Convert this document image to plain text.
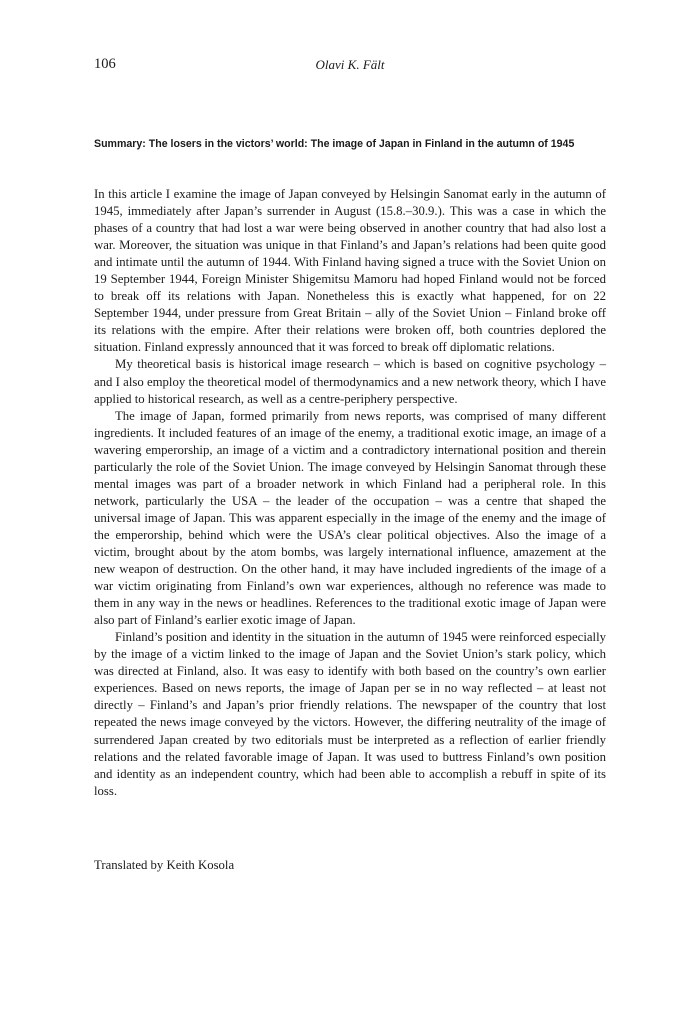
106	Olavi K. Fält
Summary: The losers in the victors’ world: The image of Japan in Finland in the autumn of 1945

In this article I examine the image of Japan conveyed by Helsingin Sanomat early in the autumn of 1945, immediately after Japan’s surrender in August (15.8.–30.9.). This was a case in which the phases of a country that had lost a war were being observed in another country that had also lost a war. Moreover, the situation was unique in that Finland’s and Japan’s relations had been quite good and intimate until the autumn of 1944. With Finland having signed a truce with the Soviet Union on 19 September 1944, Foreign Minister Shigemitsu Mamoru had hoped Finland would not be forced to break off its relations with Japan. Nonetheless this is exactly what happened, for on 22 September 1944, under pressure from Great Britain – ally of the Soviet Union – Finland broke off its relations with the empire. After their relations were broken off, both countries deplored the situation. Finland expressly announced that it was forced to break off diplomatic relations.

My theoretical basis is historical image research – which is based on cognitive psychology – and I also employ the theoretical model of thermodynamics and a new network theory, which I have applied to historical research, as well as a centre-periphery perspective.

The image of Japan, formed primarily from news reports, was comprised of many different ingredients. It included features of an image of the enemy, a traditional exotic image, an image of a wavering emperorship, an image of a victim and a contradictory international position and therein particularly the role of the Soviet Union. The image conveyed by Helsingin Sanomat through these mental images was part of a broader network in which Finland had a peripheral role. In this network, particularly the USA – the leader of the occupation – was a centre that shaped the universal image of Japan. This was apparent especially in the image of the enemy and the image of the emperorship, behind which were the USA’s clear political objectives. Also the image of a victim, brought about by the atom bombs, was largely international influence, amazement at the new weapon of destruction. On the other hand, it may have included ingredients of the image of a war victim originating from Finland’s own war experiences, although no reference was made to them in any way in the news or headlines. References to the traditional exotic image of Japan were also part of Finland’s earlier exotic image of Japan.

Finland’s position and identity in the situation in the autumn of 1945 were reinforced especially by the image of a victim linked to the image of Japan and the Soviet Union’s stark policy, which was directed at Finland, also. It was easy to identify with both based on the country’s own earlier experiences. Based on news reports, the image of Japan per se in no way reflected – at least not directly – Finland’s and Japan’s prior friendly relations. The newspaper of the country that lost repeated the news image conveyed by the victors. However, the differing neutrality of the image of surrendered Japan created by two editorials must be interpreted as a reflection of earlier friendly relations and the related favorable image of Japan. It was used to buttress Finland’s own position and identity as an independent country, which had been able to accomplish a rebuff in spite of its loss.

Translated by Keith Kosola
